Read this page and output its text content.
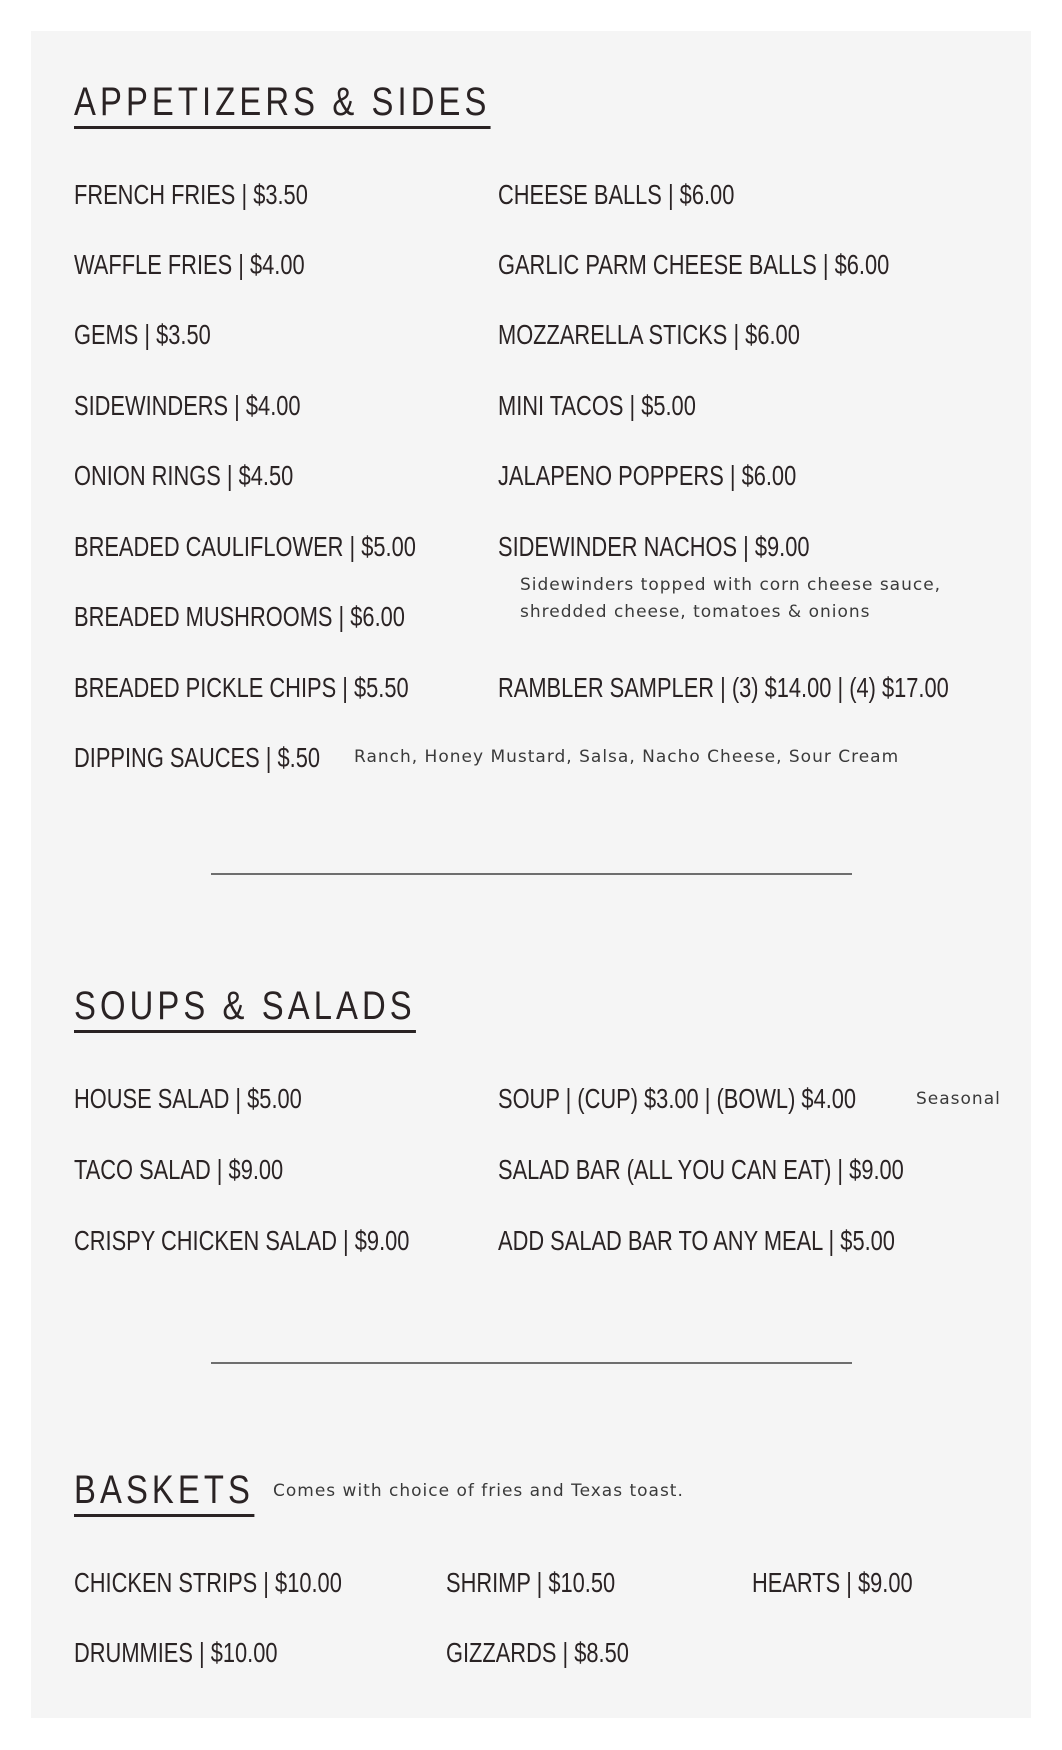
APPETIZERS & SIDES
FRENCH FRIES | $3.50
WAFFLE FRIES | $4.00
GEMS | $3.50
SIDEWINDERS | $4.00
ONION RINGS | $4.50
BREADED CAULIFLOWER | $5.00
BREADED MUSHROOMS | $6.00
BREADED PICKLE CHIPS | $5.50
CHEESE BALLS | $6.00
GARLIC PARM CHEESE BALLS | $6.00
MOZZARELLA STICKS | $6.00
MINI TACOS | $5.00
JALAPENO POPPERS | $6.00
SIDEWINDER NACHOS | $9.00
Sidewinders topped with corn cheese sauce,
shredded cheese, tomatoes & onions
RAMBLER SAMPLER | (3) $14.00 | (4) $17.00
DIPPING SAUCES | $.50 Ranch, Honey Mustard, Salsa, Nacho Cheese, Sour Cream
SOUPS & SALADS
HOUSE SALAD | $5.00
TACO SALAD | $9.00
CRISPY CHICKEN SALAD | $9.00
SOUP | (CUP) $3.00 | (BOWL) $4.00	Seasonal
SALAD BAR (ALL YOU CAN EAT) | $9.00
ADD SALAD BAR TO ANY MEAL | $5.00
BASKETS Comes with choice of fries and Texas toast.
CHICKEN STRIPS | $10.00
DRUMMIES | $10.00
SHRIMP | $10.50
GIZZARDS | $8.50
HEARTS | $9.00
